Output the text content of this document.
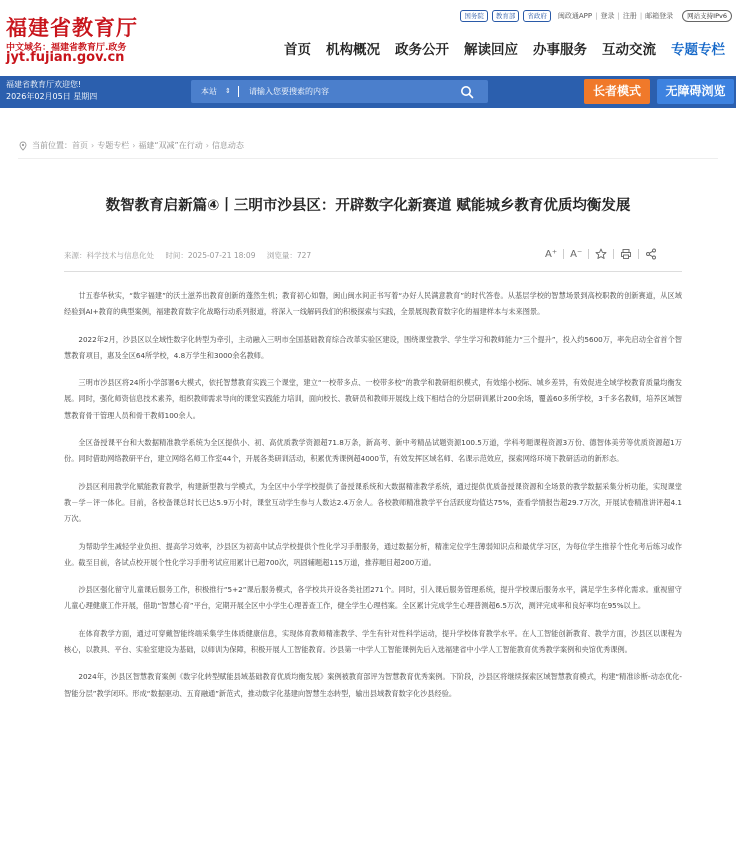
福建省教育厅
中文域名：福建省教育厅.政务
jyt.fujian.gov.cn
国务院	教育部	省政府	闽政通APP | 登录 | 注册 | 邮箱登录	网站支持IPv6
首页 机构概况 政务公开 解读回应 办事服务 互动交流 专题专栏
福建省教育厅欢迎您!
2026年02月05日 星期四
本站 ⇕ 请输入您要搜索的内容	长者模式	无障碍浏览
当前位置： 首页 › 专题专栏 › 福建“双减”在行动 › 信息动态
数智教育启新篇④丨三明市沙县区：开辟数字化新赛道 赋能城乡教育优质均衡发展
来源：科学技术与信息化处 时间：2025-07-21 18:09 浏览量：727	A⁺ A⁻

廿五春华秋实，“数字福建”的沃土滋养出教育创新的蓬然生机；教育初心如磐，闽山闽水间正书写着“办好人民满意教育”的时代答卷。从基层学校的智慧场景到高校职教的创新赛道，从区域经验到AI+教育的典型案例，福建教育数字化战略行动系列报道，将深入一线解码我们的积极探索与实践，全景展现教育数字化的福建样本与未来图景。

2022年2月，沙县区以全域性数字化转型为牵引，主动融入三明市全国基础教育综合改革实验区建设，围绕课堂教学、学生学习和教师能力“三个提升”，投入约5600万，率先启动全省首个智慧教育项目，惠及全区64所学校，4.8万学生和3000余名教师。

三明市沙县区将24所小学部署6大模式，依托智慧教育实践三个课堂，建立“一校带多点、一校带多校”的教学和教研组织模式，有效缩小校际、城乡差异，有效促进全域学校教育质量均衡发展。同时，强化师资信息技术素养，组织教师需求导向的课堂实践能力培训，面向校长、教研员和教师开展线上线下相结合的分层研训累计200余场，覆盖60多所学校，3千多名教师，培养区域智慧教育骨干管理人员和骨干教师100余人。

全区备授课平台和大数据精准教学系统为全区提供小、初、高优质教学资源超71.8万条，新高考、新中考精品试题资源100.5万道，学科考题课程资源3万份、德智体美劳等优质资源超1万份。同时借助网络教研平台，建立网络名师工作室44个，开展各类研训活动，积累优秀课例超4000节，有效发挥区域名师、名课示范效应，探索网络环境下教研活动的新形态。

沙县区利用教学化赋能教育教学，构建新型教与学模式，为全区中小学学校提供了备授课系统和大数据精准教学系统，通过提供优质备授课资源和全场景的教学数据采集分析功能，实现课堂教－学－评一体化。目前，各校备课总时长已达5.9万小时，课堂互动学生参与人数达2.4万余人。各校教师精准教学平台活跃度均值达75%，查看学情报告超29.7万次，开展试卷精准讲评超4.1万次。

为帮助学生减轻学业负担、提高学习效率，沙县区为初高中试点学校提供个性化学习手册服务，通过数据分析，精准定位学生薄弱知识点和最优学习区，为每位学生推荐个性化考后练习或作业。截至目前，各试点校开展个性化学习手册考试应用累计已超700次，巩固辅题超115万道，推荐题目超200万道。

沙县区强化留守儿童课后服务工作，积极推行“5+2”课后服务模式，各学校共开设各类社团271个。同时，引入课后服务管理系统，提升学校课后服务水平，满足学生多样化需求。重视留守儿童心理健康工作开展，借助“智慧心育”平台，定期开展全区中小学生心理普查工作，健全学生心理档案。全区累计完成学生心理普测超6.5万次，测评完成率和良好率均在95%以上。

在体育教学方面，通过可穿戴智能终端采集学生体质健康信息，实现体育教师精准教学、学生有针对性科学运动，提升学校体育教学水平。在人工智能创新教育、教学方面，沙县区以课程为核心，以教具、平台、实验室建设为基础，以师训为保障，积极开展人工智能教育。沙县第一中学人工智能课例先后入选福建省中小学人工智能教育优秀教学案例和央馆优秀课例。

2024年，沙县区智慧教育案例《数字化转型赋能县域基础教育优质均衡发展》案例被教育部评为智慧教育优秀案例。下阶段，沙县区将继续探索区域智慧教育模式，构建“精准诊断-动态优化-智能分层”教学闭环。形成“数据驱动、五育融通”新范式，推动数字化基建向智慧生态转型，输出县域教育数字化沙县经验。
